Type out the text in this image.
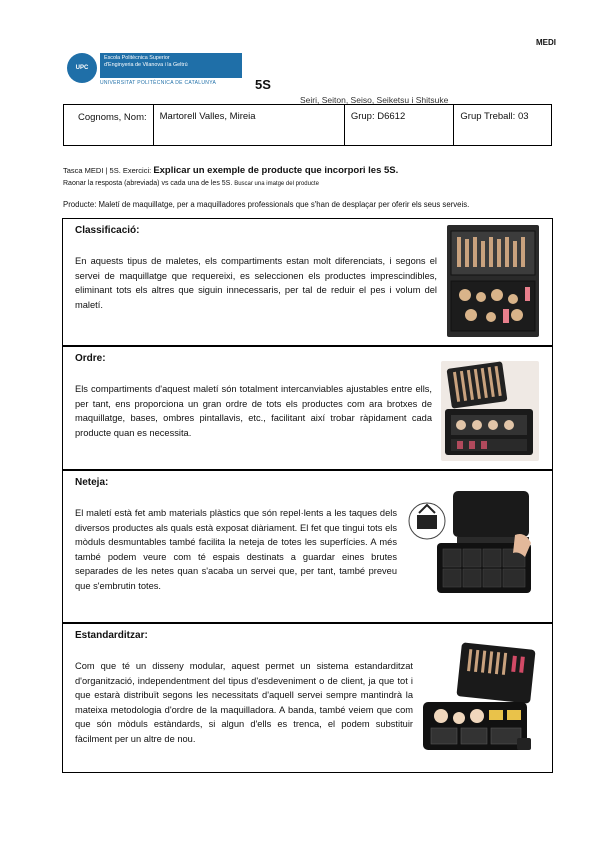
MEDI
UPC
Escola Politècnica Superior
d'Enginyeria de Vilanova i la Geltrú
UNIVERSITAT POLITÈCNICA DE CATALUNYA	5S
Seiri, Seiton, Seiso, Seiketsu i Shitsuke
Cognoms, Nom:	Martorell Valles, Mireia	Grup: D6612	Grup Treball: 03
Tasca MEDI | 5S. Exercici: Explicar un exemple de producte que incorpori les 5S.
Raonar la resposta (abreviada) vs cada una de les 5S. Buscar una imatge del producte
Producte: Maletí de maquillatge, per a maquilladores professionals que s'han de desplaçar per oferir els seus serveis.
Classificació:

En aquests tipus de maletes, els compartiments estan molt diferenciats, i segons el servei de maquillatge que requereixi, es seleccionen els productes imprescindibles, eliminant tots els altres que siguin innecessaris, per tal de reduir el pes i volum del maletí.

Ordre:

Els compartiments d'aquest maletí són totalment intercanviables ajustables entre ells, per tant, ens proporciona un gran ordre de tots els productes com ara brotxes de maquillatge, bases, ombres pintallavis, etc., facilitant així trobar ràpidament cada producte quan es necessita.

Neteja:

El maletí està fet amb materials plàstics que són repel·lents a les taques dels diversos productes als quals està exposat diàriament. El fet que tingui tots els mòduls desmuntables també facilita la neteja de totes les superfícies. A més també podem veure com té espais destinats a guardar eines brutes separades de les netes quan s'acaba un servei que, per tant, també preveu que s'embrutin totes.

Estandarditzar:

Com que té un disseny modular, aquest permet un sistema estandarditzat d'organització, independentment del tipus d'esdeveniment o de client, ja que tot i que estarà distribuït segons les necessitats d'aquell servei sempre mantindrà la mateixa metodologia d'ordre de la maquilladora. A banda, també veiem que com que són mòduls estàndards, si algun d'ells es trenca, el podem substituir fàcilment per un altre de nou.
